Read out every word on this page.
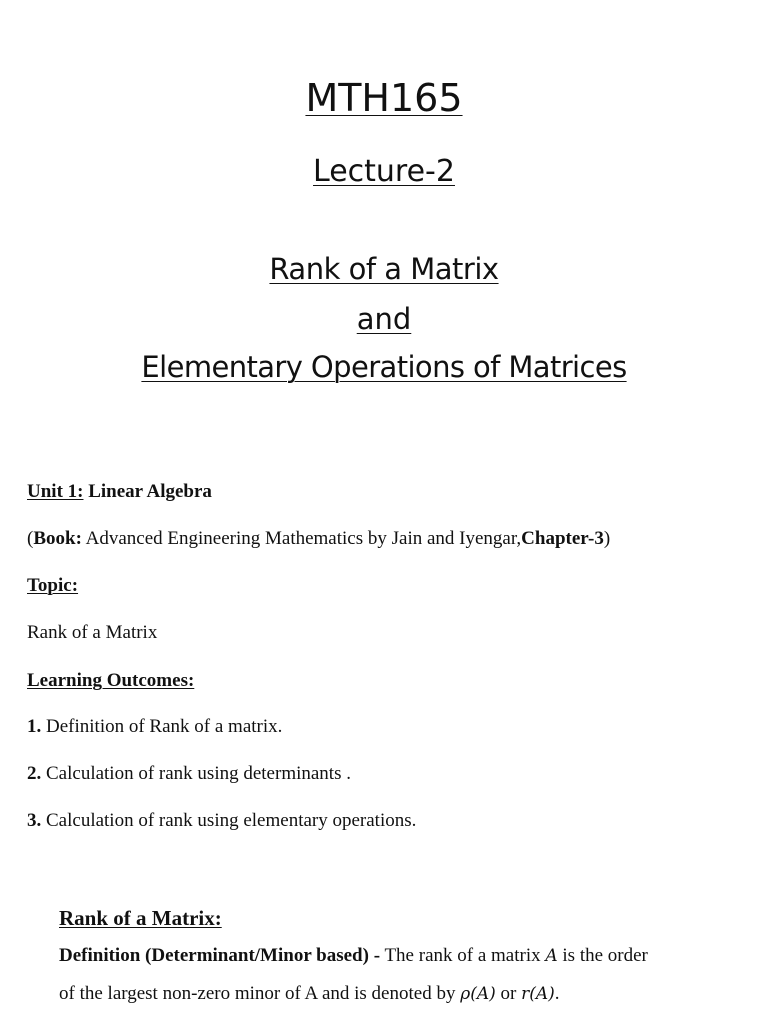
MTH165
Lecture-2
Rank of a Matrix
and
Elementary Operations of Matrices
Unit 1: Linear Algebra
(Book: Advanced Engineering Mathematics by Jain and Iyengar,Chapter-3)
Topic:
Rank of a Matrix
Learning Outcomes:
1. Definition of Rank of a matrix.
2. Calculation of rank using determinants .
3. Calculation of rank using elementary operations.
Rank of a Matrix:
Definition (Determinant/Minor based) - The rank of a matrix A is the order
of the largest non-zero minor of A and is denoted by ρ(A) or r(A).
